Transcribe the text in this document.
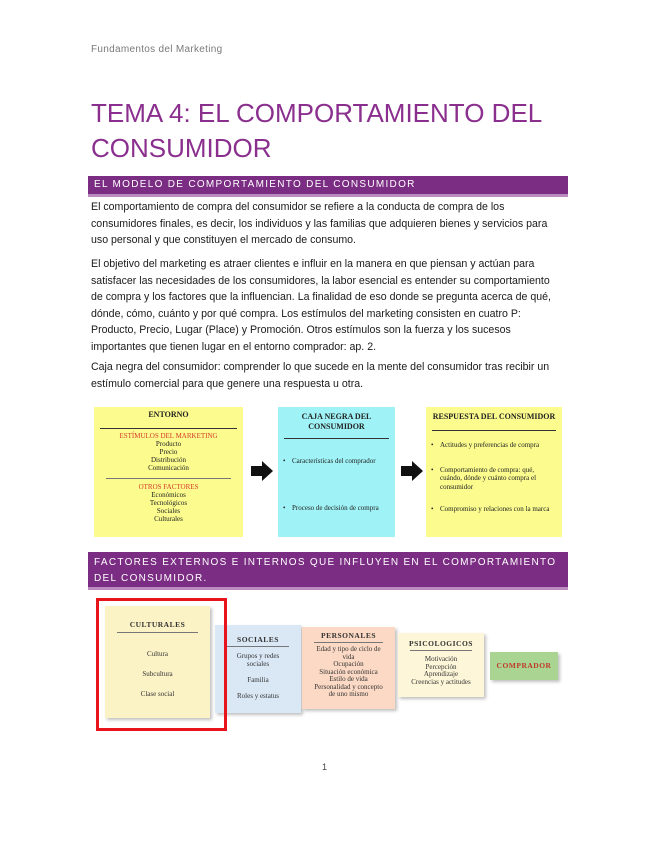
Fundamentos del Marketing
TEMA 4: EL COMPORTAMIENTO DEL CONSUMIDOR
EL MODELO DE COMPORTAMIENTO DEL CONSUMIDOR

El comportamiento de compra del consumidor se refiere a la conducta de compra de los consumidores finales, es decir, los individuos y las familias que adquieren bienes y servicios para uso personal y que constituyen el mercado de consumo.

El objetivo del marketing es atraer clientes e influir en la manera en que piensan y actúan para satisfacer las necesidades de los consumidores, la labor esencial es entender su comportamiento de compra y los factores que la influencian. La finalidad de eso donde se pregunta acerca de qué, dónde, cómo, cuánto y por qué compra. Los estímulos del marketing consisten en cuatro P: Producto, Precio, Lugar (Place) y Promoción. Otros estímulos son la fuerza y los sucesos importantes que tienen lugar en el entorno comprador: ap. 2.

Caja negra del consumidor: comprender lo que sucede en la mente del consumidor tras recibir un estímulo comercial para que genere una respuesta u otra.

ENTORNO
ESTÍMULOS DEL MARKETING
Producto
Precio
Distribución
Comunicación
OTROS FACTORES
Económicos
Tecnológicos
Sociales
Culturales
CAJA NEGRA DEL CONSUMIDOR
• Características del comprador
• Proceso de decisión de compra
RESPUESTA DEL CONSUMIDOR
• Actitudes y preferencias de compra
• Comportamiento de compra: qué, cuándo, dónde y cuánto compra el consumidor
• Compromiso y relaciones con la marca
FACTORES EXTERNOS E INTERNOS QUE INFLUYEN EN EL COMPORTAMIENTO DEL CONSUMIDOR.
CULTURALES
Cultura
Subcultura
Clase social
SOCIALES
Grupos y redes sociales
Familia
Roles y estatus
PERSONALES
Edad y tipo de ciclo de vida
Ocupación
Situación económica
Estilo de vida
Personalidad y concepto de uno mismo
PSICOLOGICOS
Motivación
Percepción
Aprendizaje
Creencias y actitudes
COMPRADOR
1
